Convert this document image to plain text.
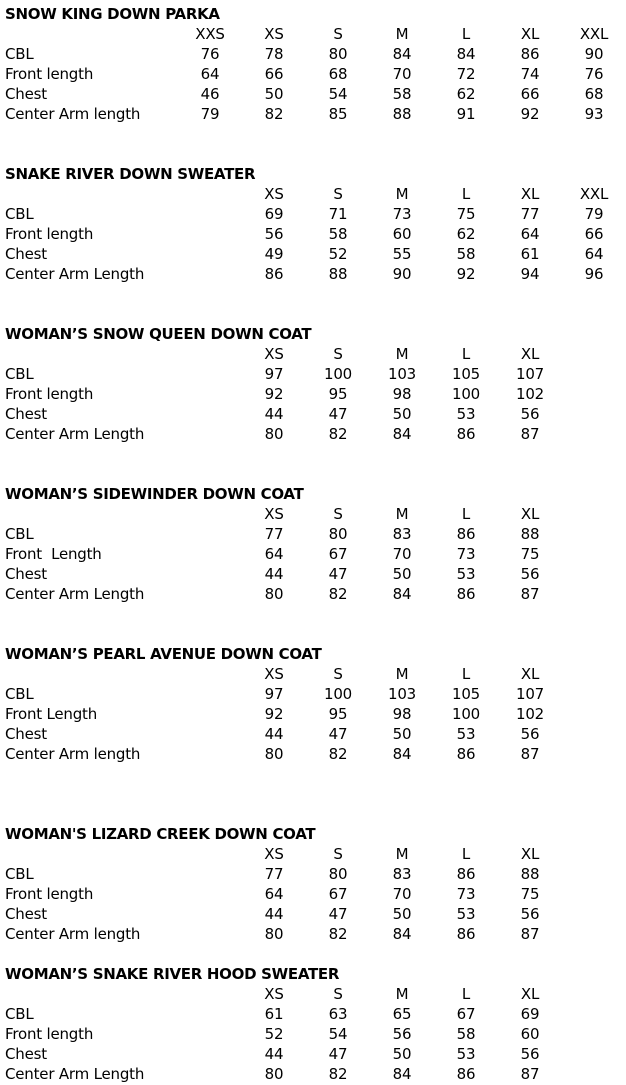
SNOW KING DOWN PARKA
	XXS	XS	S	M	L	XL	XXL
CBL	76	78	80	84	84	86	90
Front length	64	66	68	70	72	74	76
Chest	46	50	54	58	62	66	68
Center Arm length	79	82	85	88	91	92	93
SNAKE RIVER DOWN SWEATER
		XS	S	M	L	XL	XXL
CBL		69	71	73	75	77	79
Front length		56	58	60	62	64	66
Chest		49	52	55	58	61	64
Center Arm Length		86	88	90	92	94	96
WOMAN’S SNOW QUEEN DOWN COAT
		XS	S	M	L	XL	
CBL		97	100	103	105	107	
Front length		92	95	98	100	102	
Chest		44	47	50	53	56	
Center Arm Length		80	82	84	86	87	
WOMAN’S SIDEWINDER DOWN COAT
		XS	S	M	L	XL	
CBL		77	80	83	86	88	
Front  Length		64	67	70	73	75	
Chest		44	47	50	53	56	
Center Arm Length		80	82	84	86	87	
WOMAN’S PEARL AVENUE DOWN COAT
		XS	S	M	L	XL	
CBL		97	100	103	105	107	
Front Length		92	95	98	100	102	
Chest		44	47	50	53	56	
Center Arm length		80	82	84	86	87	
WOMAN'S LIZARD CREEK DOWN COAT
		XS	S	M	L	XL	
CBL		77	80	83	86	88	
Front length		64	67	70	73	75	
Chest		44	47	50	53	56	
Center Arm length		80	82	84	86	87	
WOMAN’S SNAKE RIVER HOOD SWEATER
		XS	S	M	L	XL	
CBL		61	63	65	67	69	
Front length		52	54	56	58	60	
Chest		44	47	50	53	56	
Center Arm Length		80	82	84	86	87	
